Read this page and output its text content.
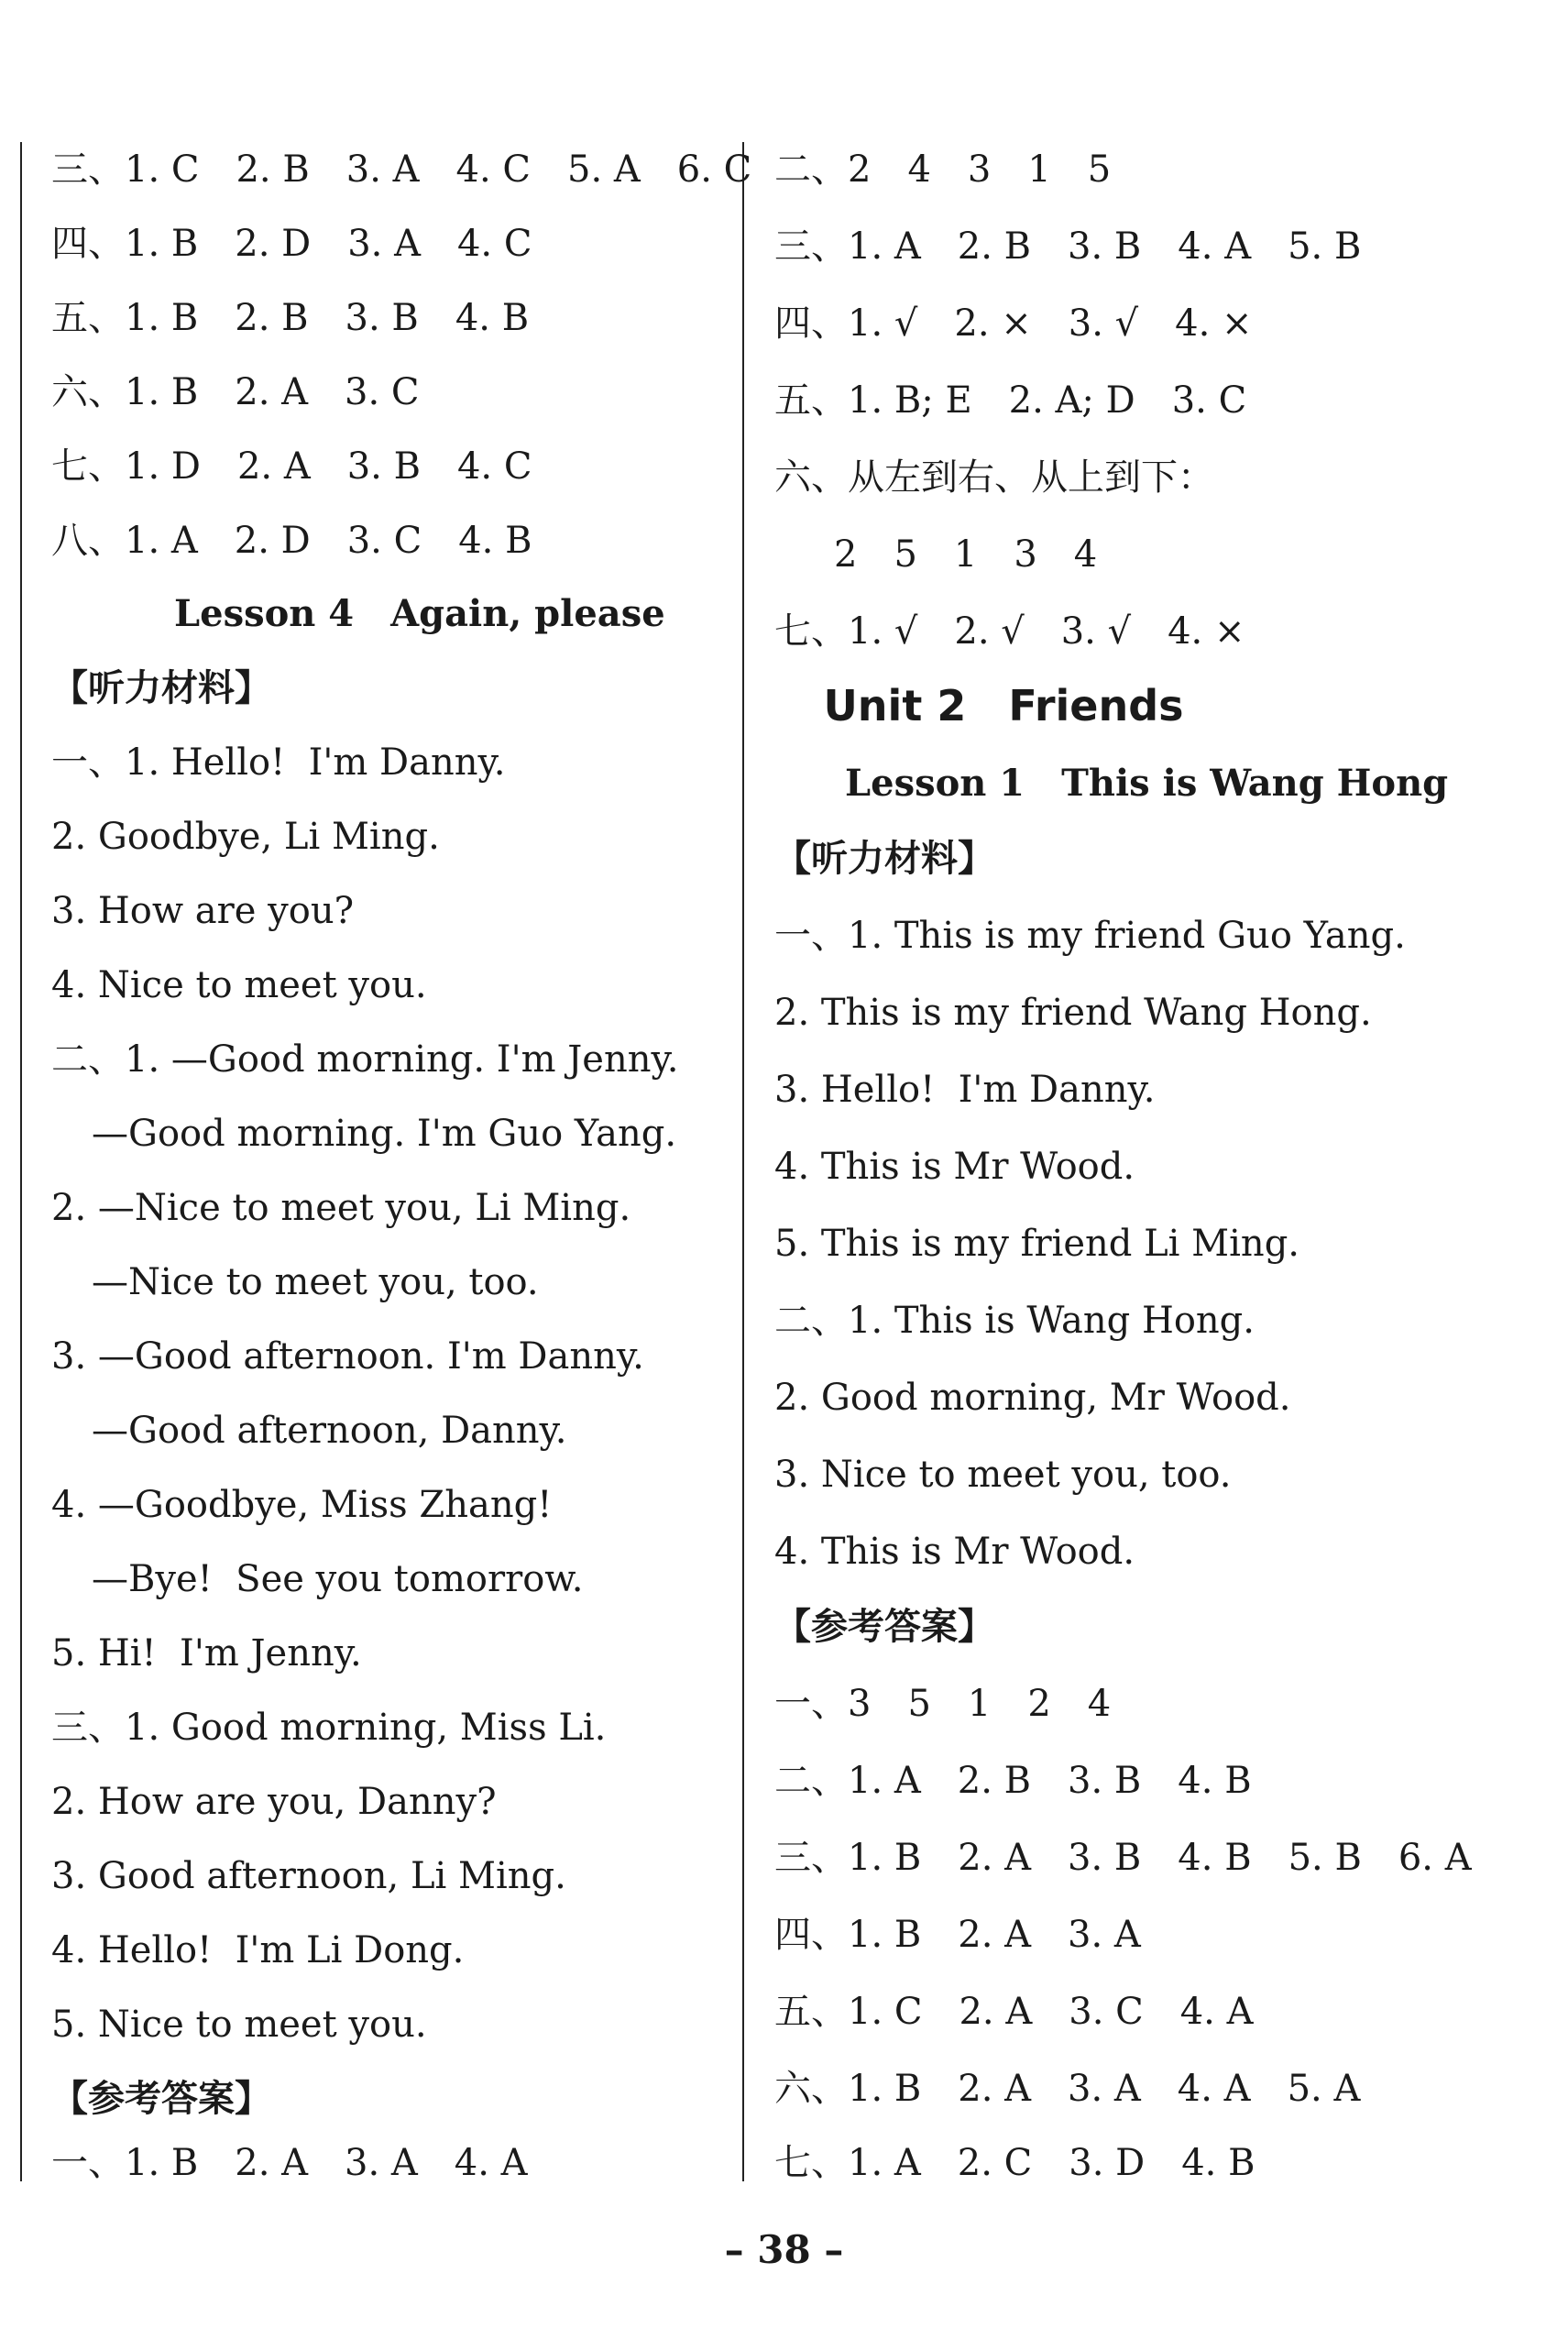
三、1. C　2. B　3. A　4. C　5. A　6. C
四、1. B　2. D　3. A　4. C
五、1. B　2. B　3. B　4. B
六、1. B　2. A　3. C
七、1. D　2. A　3. B　4. C
八、1. A　2. D　3. C　4. B
Lesson 4　Again, please
【听力材料】
一、1. Hello!  I'm Danny.
2. Goodbye, Li Ming.
3. How are you?
4. Nice to meet you.
二、1. —Good morning. I'm Jenny.
—Good morning. I'm Guo Yang.
2. —Nice to meet you, Li Ming.
—Nice to meet you, too.
3. —Good afternoon. I'm Danny.
—Good afternoon, Danny.
4. —Goodbye, Miss Zhang!
—Bye!  See you tomorrow.
5. Hi!  I'm Jenny.
三、1. Good morning, Miss Li.
2. How are you, Danny?
3. Good afternoon, Li Ming.
4. Hello!  I'm Li Dong.
5. Nice to meet you.
【参考答案】
一、1. B　2. A　3. A　4. A
二、2　4　3　1　5
三、1. A　2. B　3. B　4. A　5. B
四、1. √　2. ×　3. √　4. ×
五、1. B; E　2. A; D　3. C
六、从左到右、从上到下：
2　5　1　3　4
七、1. √　2. √　3. √　4. ×
Unit 2　Friends
Lesson 1　This is Wang Hong
【听力材料】
一、1. This is my friend Guo Yang.
2. This is my friend Wang Hong.
3. Hello!  I'm Danny.
4. This is Mr Wood.
5. This is my friend Li Ming.
二、1. This is Wang Hong.
2. Good morning, Mr Wood.
3. Nice to meet you, too.
4. This is Mr Wood.
【参考答案】
一、3　5　1　2　4
二、1. A　2. B　3. B　4. B
三、1. B　2. A　3. B　4. B　5. B　6. A
四、1. B　2. A　3. A
五、1. C　2. A　3. C　4. A
六、1. B　2. A　3. A　4. A　5. A
七、1. A　2. C　3. D　4. B
– 38 –
